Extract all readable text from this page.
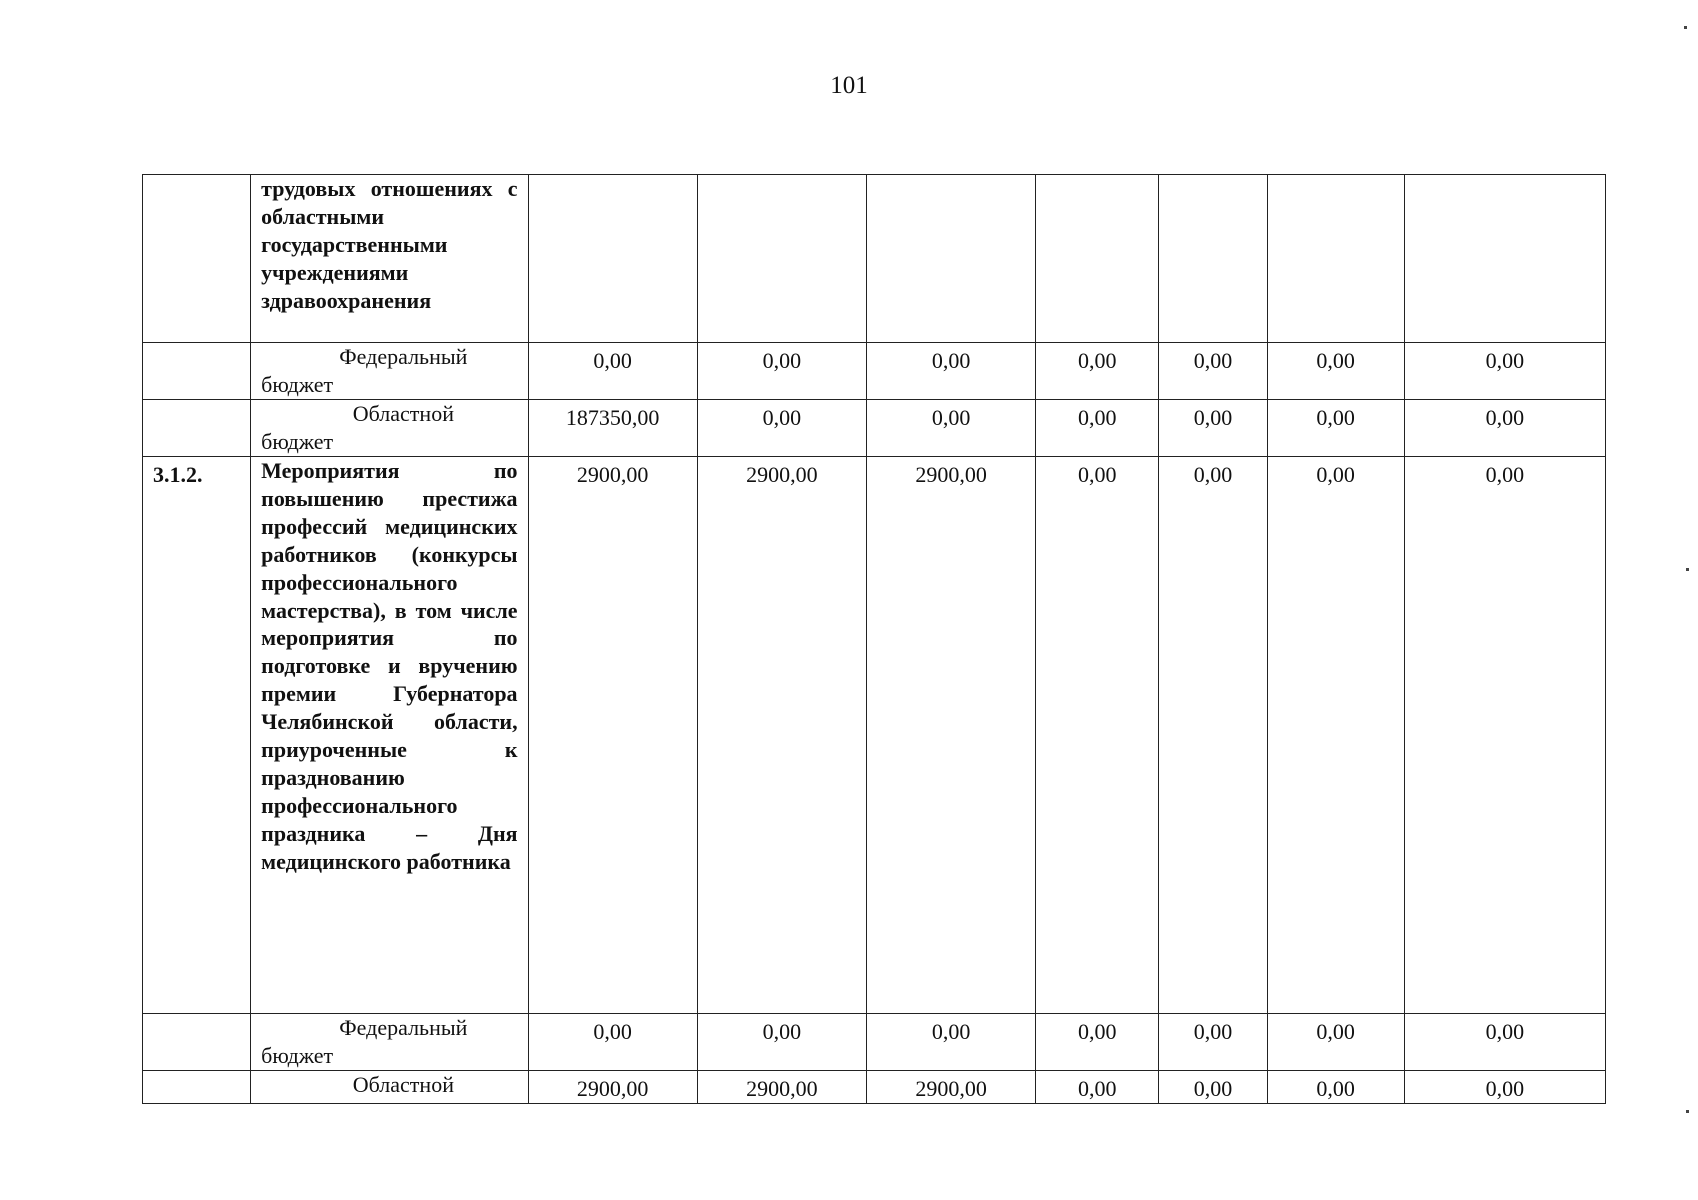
101

	трудовых отношениях с областными государственными учреждениями здравоохранения							

	Федеральный
бюджет	0,00	0,00	0,00	0,00	0,00	0,00	0,00

	Областной
бюджет	187350,00	0,00	0,00	0,00	0,00	0,00	0,00
3.1.2.	Мероприятия по повышению престижа профессий медицинских работников (конкурсы профессионального мастерства), в том числе мероприятия по подготовке и вручению премии Губернатора Челябинской области, приуроченные к празднованию профессионального праздника – Дня медицинского работника	2900,00	2900,00	2900,00	0,00	0,00	0,00	0,00

	Федеральный
бюджет	0,00	0,00	0,00	0,00	0,00	0,00	0,00

	Областной	2900,00	2900,00	2900,00	0,00	0,00	0,00	0,00
